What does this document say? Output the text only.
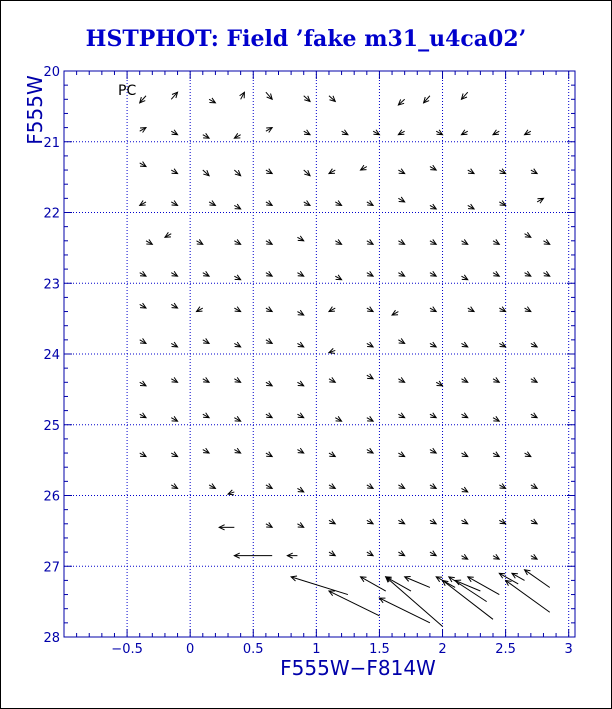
HSTPHOT: Field ’fake m31_u4ca02’
−0.5	0	0.5	1	1.5	2	2.5	3
20
21
22
23
24
25
26
27
28
PC
F555W−F814W
F555W
